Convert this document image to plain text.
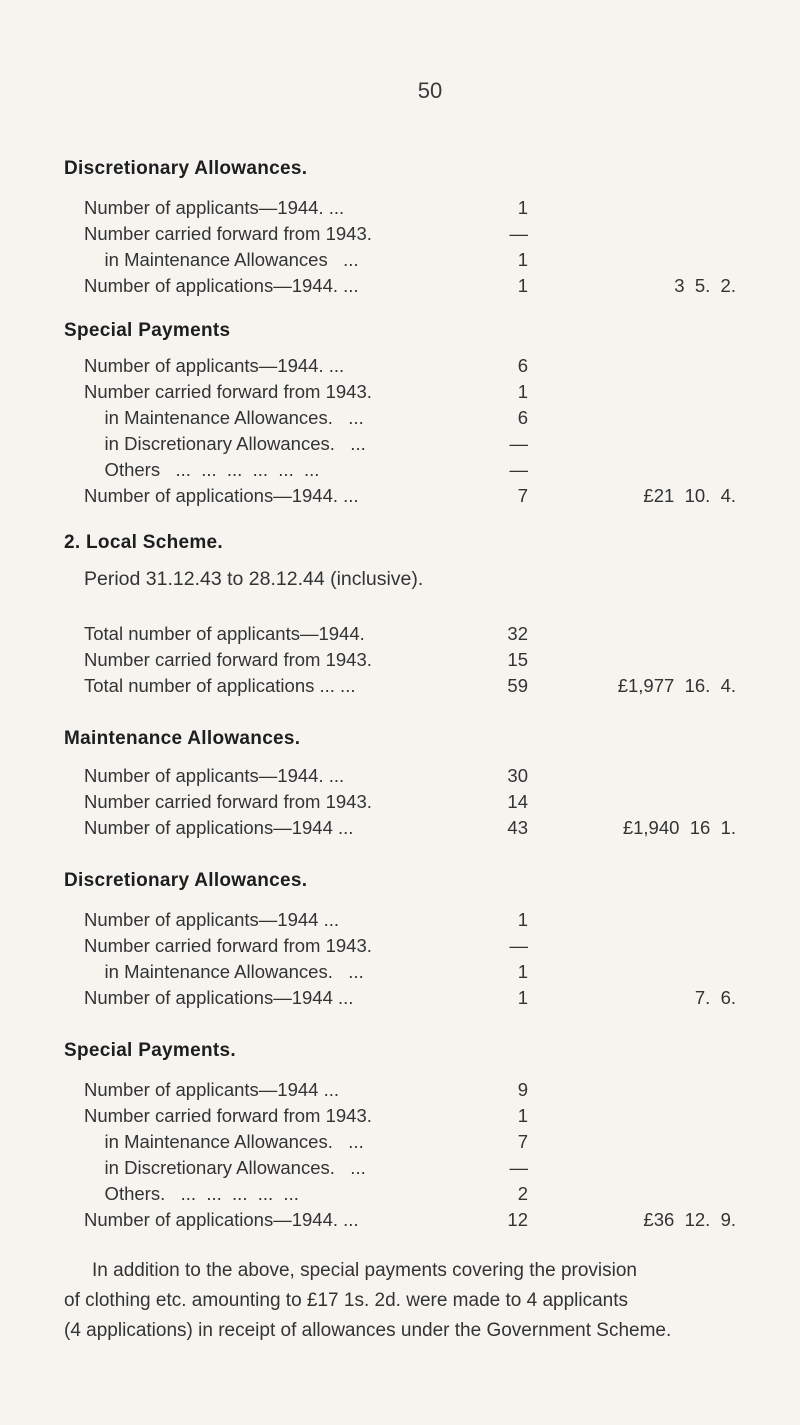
50
Discretionary Allowances.
Number of applicants—1944. ...	1
Number carried forward from 1943.	—
in Maintenance Allowances   ...	1
Number of applications—1944. ...	1	3  5.  2.
Special Payments
Number of applicants—1944. ...	6
Number carried forward from 1943.	1
in Maintenance Allowances.   ...	6
in Discretionary Allowances.   ...	—
Others   ...  ...  ...  ...  ...  ...	—
Number of applications—1944. ...	7	£21  10.  4.
2. Local Scheme.
Period 31.12.43 to 28.12.44 (inclusive).
Total number of applicants—1944.	32
Number carried forward from 1943.	15
Total number of applications ... ...	59	£1,977  16.  4.
Maintenance Allowances.
Number of applicants—1944. ...	30
Number carried forward from 1943.	14
Number of applications—1944 ...	43	£1,940  16  1.
Discretionary Allowances.
Number of applicants—1944 ...	1
Number carried forward from 1943.	—
in Maintenance Allowances.   ...	1
Number of applications—1944 ...	1	7.  6.
Special Payments.
Number of applicants—1944 ...	9
Number carried forward from 1943.	1
in Maintenance Allowances.   ...	7
in Discretionary Allowances.   ...	—
Others.   ...  ...  ...  ...  ...	2
Number of applications—1944. ...	12	£36  12.  9.
In addition to the above, special payments covering the provision
of clothing etc. amounting to £17 1s. 2d. were made to 4 applicants
(4 applications) in receipt of allowances under the Government Scheme.
